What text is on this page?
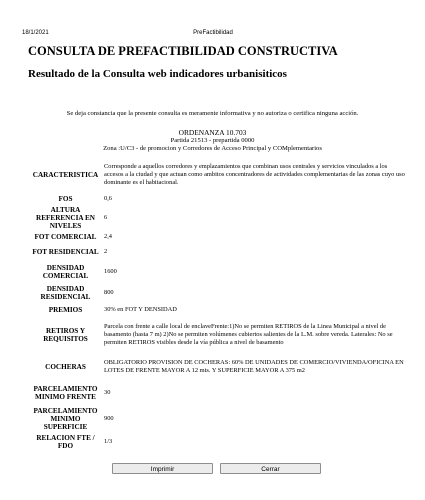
18/1/2021	PreFactibilidad
CONSULTA DE PREFACTIBILIDAD CONSTRUCTIVA
Resultado de la Consulta web indicadores urbanisiticos
Se deja constancia que la presente consulta es meramente informativa y no autoriza o certifica ninguna acción.
ORDENANZA 10.703
Partida 21513 - prepartida 0000
Zona :U/C3 - de promocion y Corredores de Acceso Principal y COMplementarios
CARACTERISTICA	Corresponde a aquellos corredores y emplazamientos que combinan usos centrales y servicios vinculados a los accesos a la ciudad y que actuan como ambitos concentradores de actividades complementarias de las zonas cuyo uso dominante es el habitacional.
FOS	0,6
ALTURA REFERENCIA EN NIVELES	6
FOT COMERCIAL	2,4
FOT RESIDENCIAL	2
DENSIDAD COMERCIAL	1600
DENSIDAD RESIDENCIAL	800
PREMIOS	30% en FOT Y DENSIDAD
RETIROS Y REQUISITOS	Parcela con frente a calle local de enclaveFrente:1)No se permiten RETIROS de la Linea Municipal a nivel de basamento (hasta 7 m) 2)No se permiten volúmenes cubiertos salientes de la L.M. sobre vereda. Laterales: No se permiten RETIROS visibles desde la vía pública a nivel de basamento
COCHERAS	OBLIGATORIO PROVISION DE COCHERAS: 60% DE UNIDADES DE COMERCIO/VIVIENDA/OFICINA EN LOTES DE FRENTE MAYOR A 12 mts. Y SUPERFICIE MAYOR A 375 m2
PARCELAMIENTO MINIMO FRENTE	30
PARCELAMIENTO MINIMO SUPERFICIE	900
RELACION FTE / FDO	1/3
Imprimir	Cerrar
